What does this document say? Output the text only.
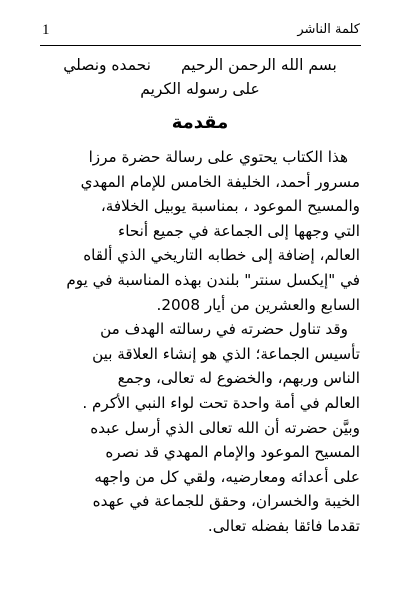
كلمة الناشر
1
بسم الله الرحمن الرحيمنحمده ونصلي
على رسوله الكريم
مقدمة
هذا الكتاب يحتوي على رسالة حضرة مرزا
مسرور أحمد، الخليفة الخامس للإمام المهدي
والمسيح الموعود ، بمناسبة يوبيل الخلافة،
التي وجهها إلى الجماعة في جميع أنحاء
العالم، إضافة إلى خطابه التاريخي الذي ألقاه
في "إيكسل سنتر" بلندن بهذه المناسبة في يوم
السابع والعشرين من أيار 2008.
وقد تناول حضرته في رسالته الهدف من
تأسيس الجماعة؛ الذي هو إنشاء العلاقة بين
الناس وربهم، والخضوع له تعالى، وجمع
العالم في أمة واحدة تحت لواء النبي الأكرم .
وبيَّن حضرته أن الله تعالى الذي أرسل عبده
المسيح الموعود والإمام المهدي قد نصره
على أعدائه ومعارضيه، ولقي كل من واجهه
الخيبة والخسران، وحقق للجماعة في عهده
تقدما فائقا بفضله تعالى.
